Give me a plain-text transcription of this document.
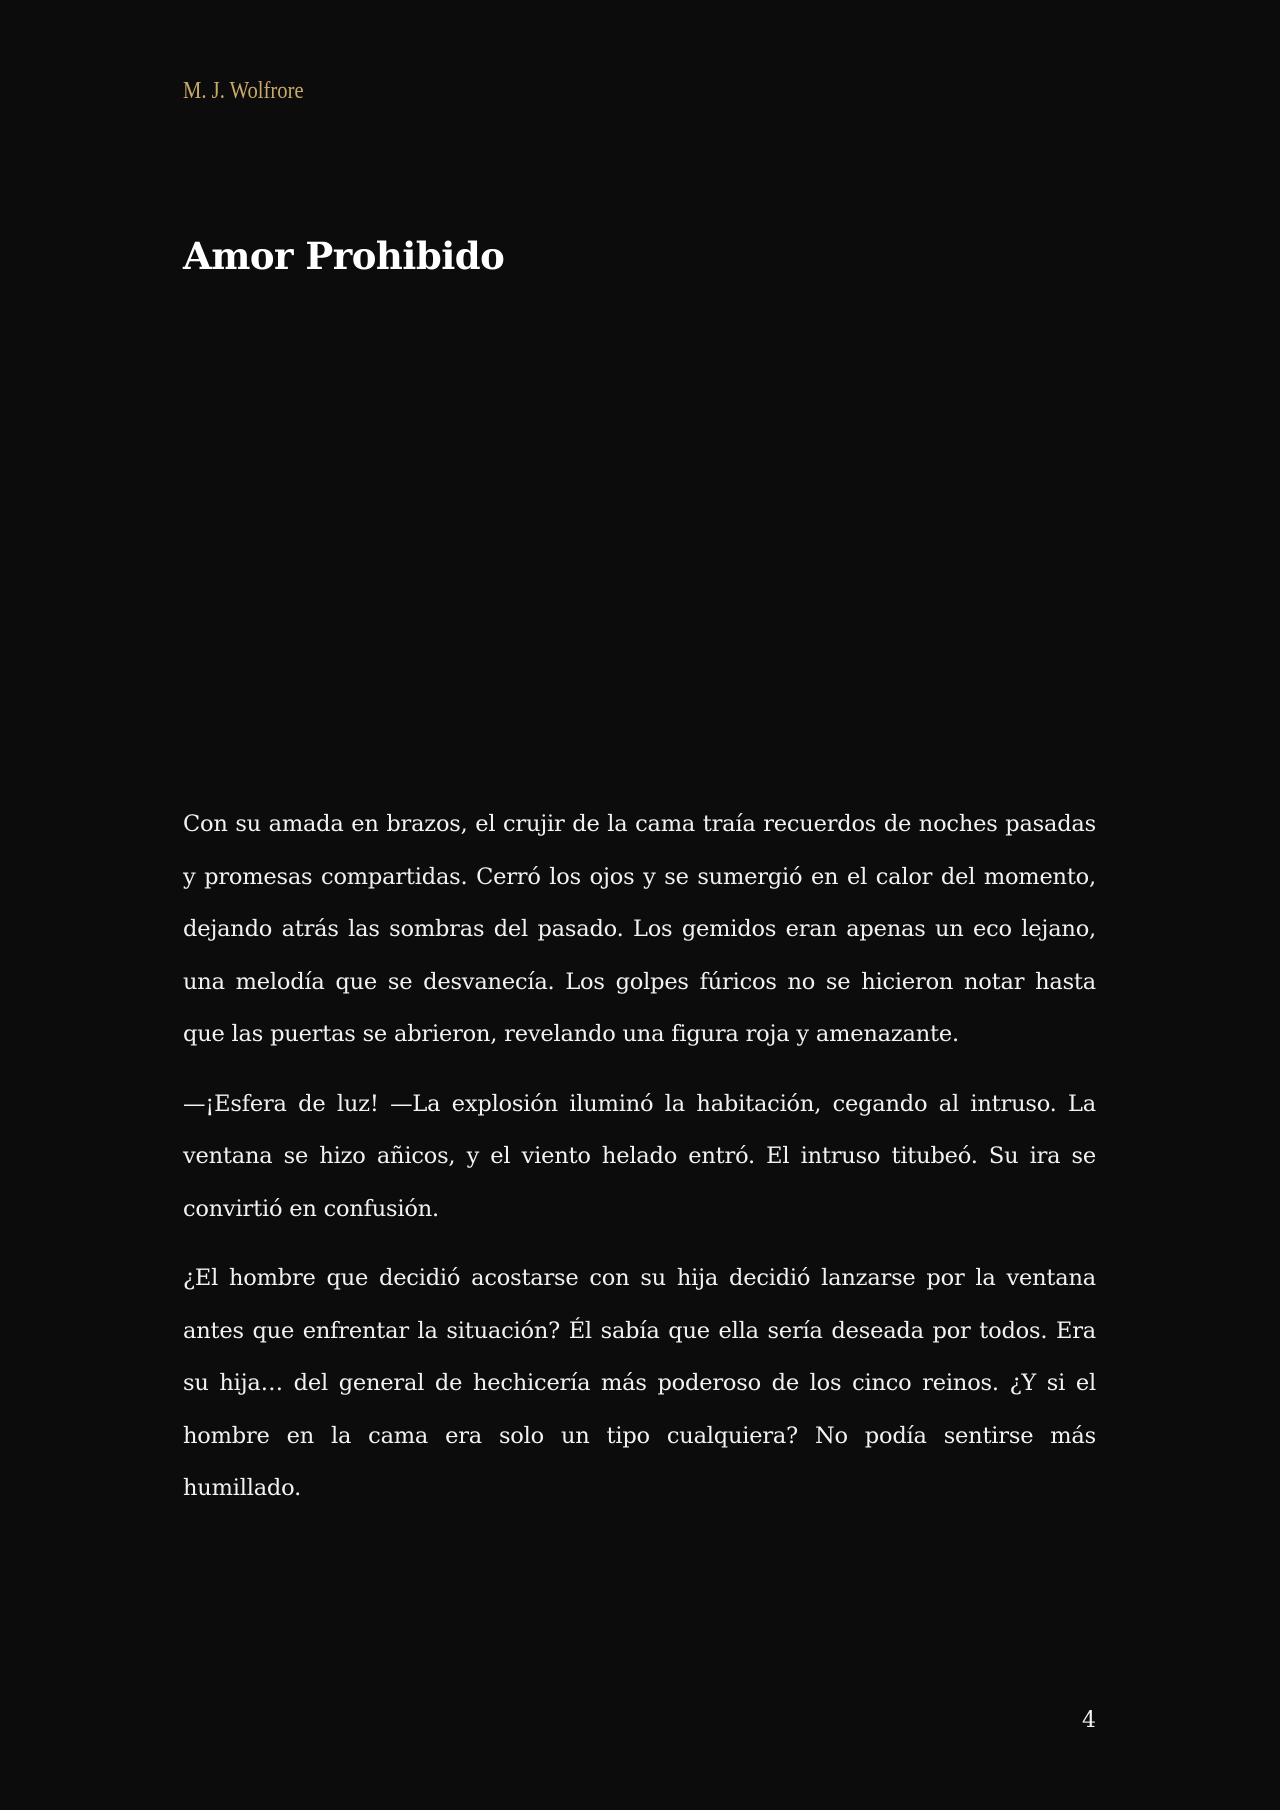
M. J. Wolfrore
Amor Prohibido

Con su amada en brazos, el crujir de la cama traía recuerdos de noches pasadas y promesas compartidas. Cerró los ojos y se sumergió en el calor del momento, dejando atrás las sombras del pasado. Los gemidos eran apenas un eco lejano, una melodía que se desvanecía. Los golpes fúricos no se hicieron notar hasta que las puertas se abrieron, revelando una figura roja y amenazante.

—¡Esfera de luz! —La explosión iluminó la habitación, cegando al intruso. La ventana se hizo añicos, y el viento helado entró. El intruso titubeó. Su ira se convirtió en confusión.

¿El hombre que decidió acostarse con su hija decidió lanzarse por la ventana antes que enfrentar la situación? Él sabía que ella sería deseada por todos. Era su hija… del general de hechicería más poderoso de los cinco reinos. ¿Y si el hombre en la cama era solo un tipo cualquiera? No podía sentirse más humillado.

4
